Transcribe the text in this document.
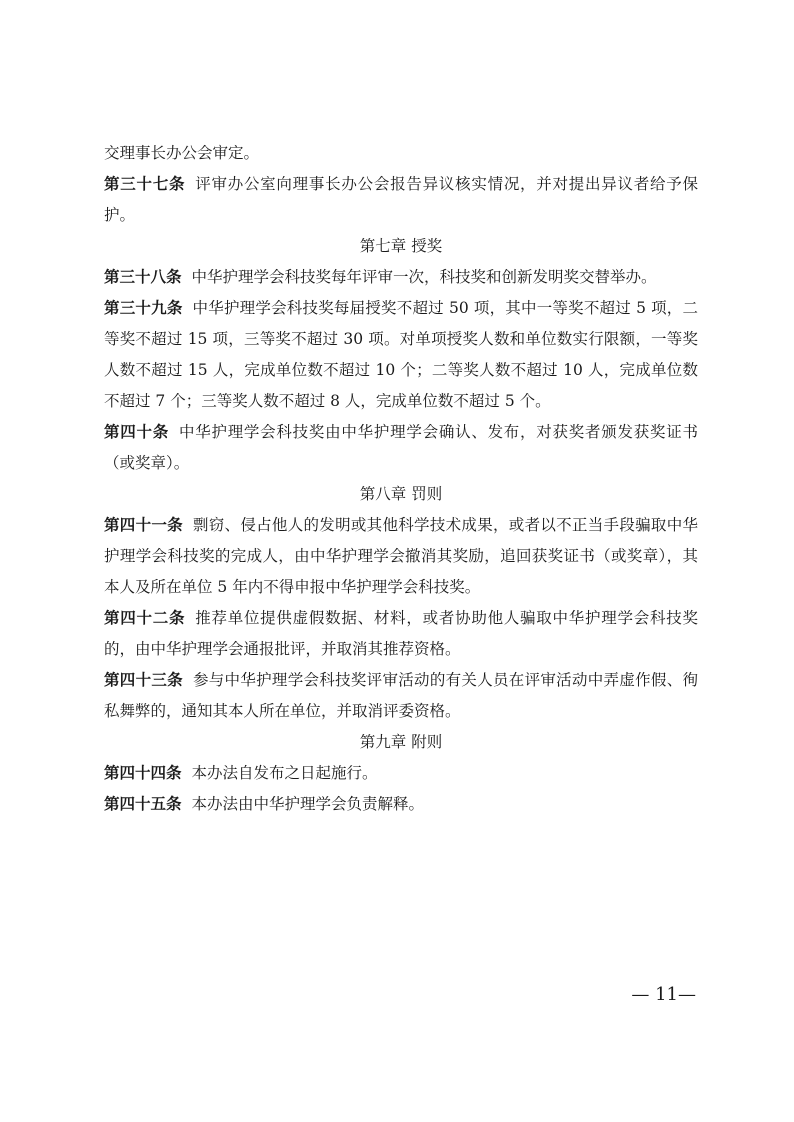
交理事长办公会审定。

第三十七条 评审办公室向理事长办公会报告异议核实情况，并对提出异议者给予保护。

第七章 授奖

第三十八条 中华护理学会科技奖每年评审一次，科技奖和创新发明奖交替举办。

第三十九条 中华护理学会科技奖每届授奖不超过 50 项，其中一等奖不超过 5 项，二等奖不超过 15 项，三等奖不超过 30 项。对单项授奖人数和单位数实行限额，一等奖人数不超过 15 人，完成单位数不超过 10 个；二等奖人数不超过 10 人，完成单位数不超过 7 个；三等奖人数不超过 8 人，完成单位数不超过 5 个。

第四十条 中华护理学会科技奖由中华护理学会确认、发布，对获奖者颁发获奖证书（或奖章）。

第八章 罚则

第四十一条 剽窃、侵占他人的发明或其他科学技术成果，或者以不正当手段骗取中华护理学会科技奖的完成人，由中华护理学会撤消其奖励，追回获奖证书（或奖章），其本人及所在单位 5 年内不得申报中华护理学会科技奖。

第四十二条 推荐单位提供虚假数据、材料，或者协助他人骗取中华护理学会科技奖的，由中华护理学会通报批评，并取消其推荐资格。

第四十三条 参与中华护理学会科技奖评审活动的有关人员在评审活动中弄虚作假、徇私舞弊的，通知其本人所在单位，并取消评委资格。

第九章 附则

第四十四条 本办法自发布之日起施行。

第四十五条 本办法由中华护理学会负责解释。

— 11—
